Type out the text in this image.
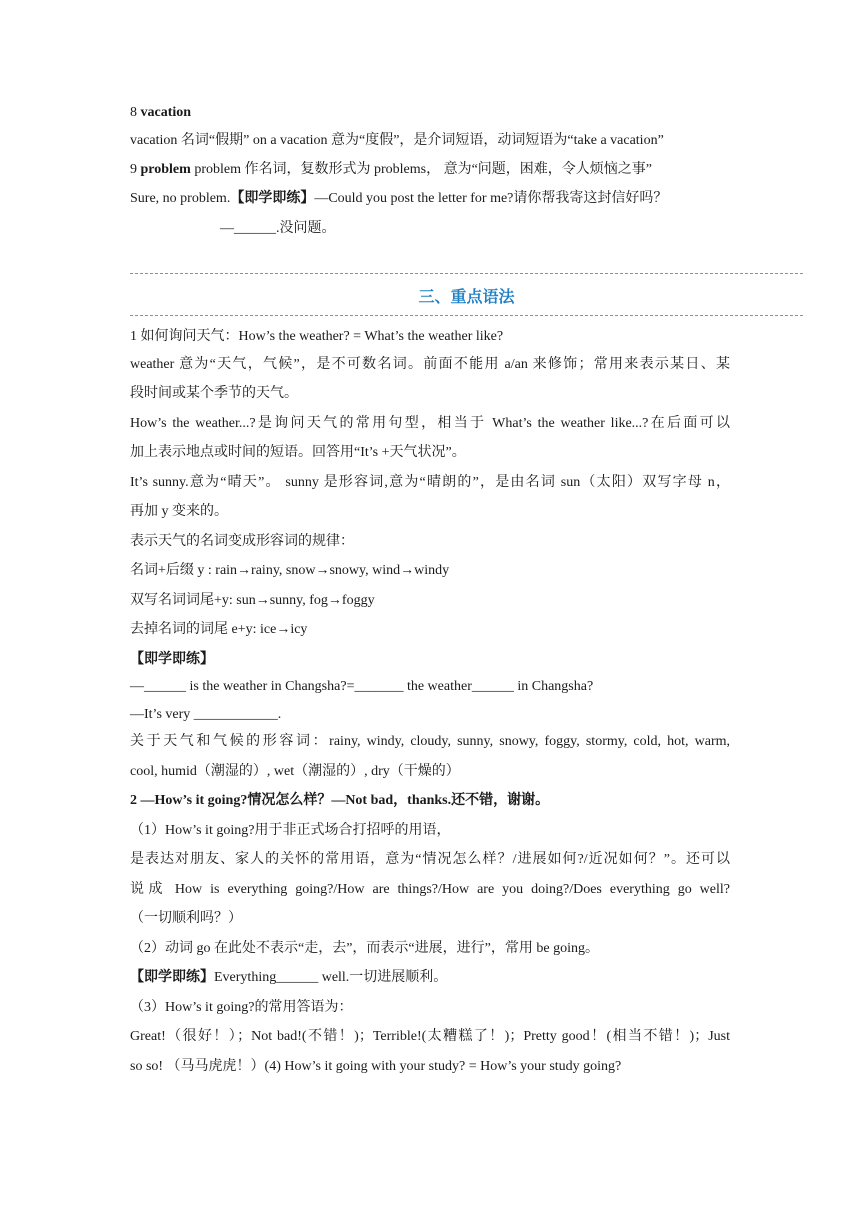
8 vacation
vacation 名词“假期” on a vacation 意为“度假”，是介词短语，动词短语为“take a vacation”
9 problem problem 作名词，复数形式为 problems， 意为“问题，困难，令人烦恼之事”
Sure, no problem.【即学即练】—Could you post the letter for me?请你帮我寄这封信好吗？
—______.没问题。
三、重点语法
1 如何询问天气：How’s the weather? = What’s the weather like?
weather 意为“天气，气候”，是不可数名词。前面不能用 a/an 来修饰；常用来表示某日、某
段时间或某个季节的天气。
How’s the weather...?是询问天气的常用句型，相当于 What’s the weather like...?在后面可以
加上表示地点或时间的短语。回答用“It’s +天气状况”。
It’s sunny.意为“晴天”。 sunny 是形容词,意为“晴朗的”，是由名词 sun（太阳）双写字母 n，
再加 y 变来的。
表示天气的名词变成形容词的规律：
名词+后缀 y : rain→rainy, snow→snowy, wind→windy
双写名词词尾+y: sun→sunny, fog→foggy
去掉名词的词尾 e+y: ice→icy
【即学即练】
—______ is the weather in Changsha?=_______ the weather______ in Changsha?
—It’s very ____________.
关于天气和气候的形容词：rainy, windy, cloudy, sunny, snowy, foggy, stormy, cold, hot, warm,
cool, humid（潮湿的）, wet（潮湿的）, dry（干燥的）
2 —How’s it going?情况怎么样？—Not bad，thanks.还不错，谢谢。
（1）How’s it going?用于非正式场合打招呼的用语，
是表达对朋友、家人的关怀的常用语，意为“情况怎么样？/进展如何?/近况如何？”。还可以
说成 How is everything going?/How are things?/How are you doing?/Does everything go well?
（一切顺利吗？）
（2）动词 go 在此处不表示“走，去”，而表示“进展，进行”，常用 be going。
【即学即练】Everything______ well.一切进展顺利。
（3）How’s it going?的常用答语为：
Great!（很好！）；Not bad!(不错！)；Terrible!(太糟糕了！)；Pretty good！(相当不错！)；Just
so so! （马马虎虎！）(4) How’s it going with your study? = How’s your study going?
